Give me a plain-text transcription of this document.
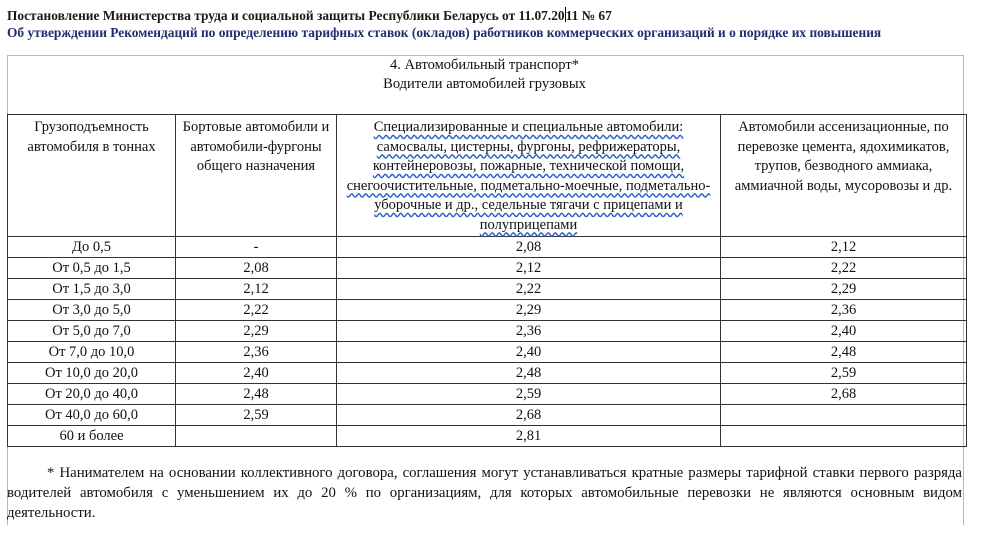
Постановление Министерства труда и социальной защиты Республики Беларусь от 11.07.2011 № 67
Об утверждении Рекомендаций по определению тарифных ставок (окладов) работников коммерческих организаций и о порядке их повышения
4. Автомобильный транспорт*
Водители автомобилей грузовых
Грузоподъемность автомобиля в тоннах	Бортовые автомобили и автомобили-фургоны общего назначения	Специализированные и специальные автомобили: самосвалы, цистерны, фургоны, рефрижераторы, контейнеровозы, пожарные, технической помощи, снегоочистительные, подметально-моечные, подметально-уборочные и др., седельные тягачи с прицепами и полуприцепами	Автомобили ассенизационные, по перевозке цемента, ядохимикатов, трупов, безводного аммиака, аммиачной воды, мусоровозы и др.
До 0,5	-	2,08	2,12
От 0,5 до 1,5	2,08	2,12	2,22
От 1,5 до 3,0	2,12	2,22	2,29
От 3,0 до 5,0	2,22	2,29	2,36
От 5,0 до 7,0	2,29	2,36	2,40
От 7,0 до 10,0	2,36	2,40	2,48
От 10,0 до 20,0	2,40	2,48	2,59
От 20,0 до 40,0	2,48	2,59	2,68
От 40,0 до 60,0	2,59	2,68	
60 и более		2,81	

* Нанимателем на основании коллективного договора, соглашения могут устанавливаться кратные размеры тарифной ставки первого разряда водителей автомобиля с уменьшением их до 20 % по организациям, для которых автомобильные перевозки не являются основным видом деятельности.
